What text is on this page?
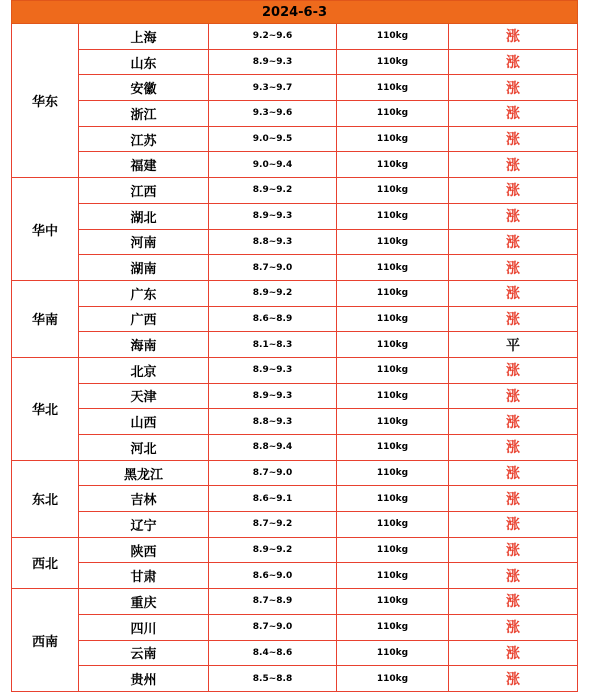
2024-6-3				
华东	上海	9.2~9.6	110kg	涨
	山东	8.9~9.3	110kg	涨
	安徽	9.3~9.7	110kg	涨
	浙江	9.3~9.6	110kg	涨
	江苏	9.0~9.5	110kg	涨
	福建	9.0~9.4	110kg	涨
华中	江西	8.9~9.2	110kg	涨
	湖北	8.9~9.3	110kg	涨
	河南	8.8~9.3	110kg	涨
	湖南	8.7~9.0	110kg	涨
华南	广东	8.9~9.2	110kg	涨
	广西	8.6~8.9	110kg	涨
	海南	8.1~8.3	110kg	平
华北	北京	8.9~9.3	110kg	涨
	天津	8.9~9.3	110kg	涨
	山西	8.8~9.3	110kg	涨
	河北	8.8~9.4	110kg	涨
东北	黑龙江	8.7~9.0	110kg	涨
	吉林	8.6~9.1	110kg	涨
	辽宁	8.7~9.2	110kg	涨
西北	陕西	8.9~9.2	110kg	涨
	甘肃	8.6~9.0	110kg	涨
西南	重庆	8.7~8.9	110kg	涨
	四川	8.7~9.0	110kg	涨
	云南	8.4~8.6	110kg	涨
	贵州	8.5~8.8	110kg	涨
